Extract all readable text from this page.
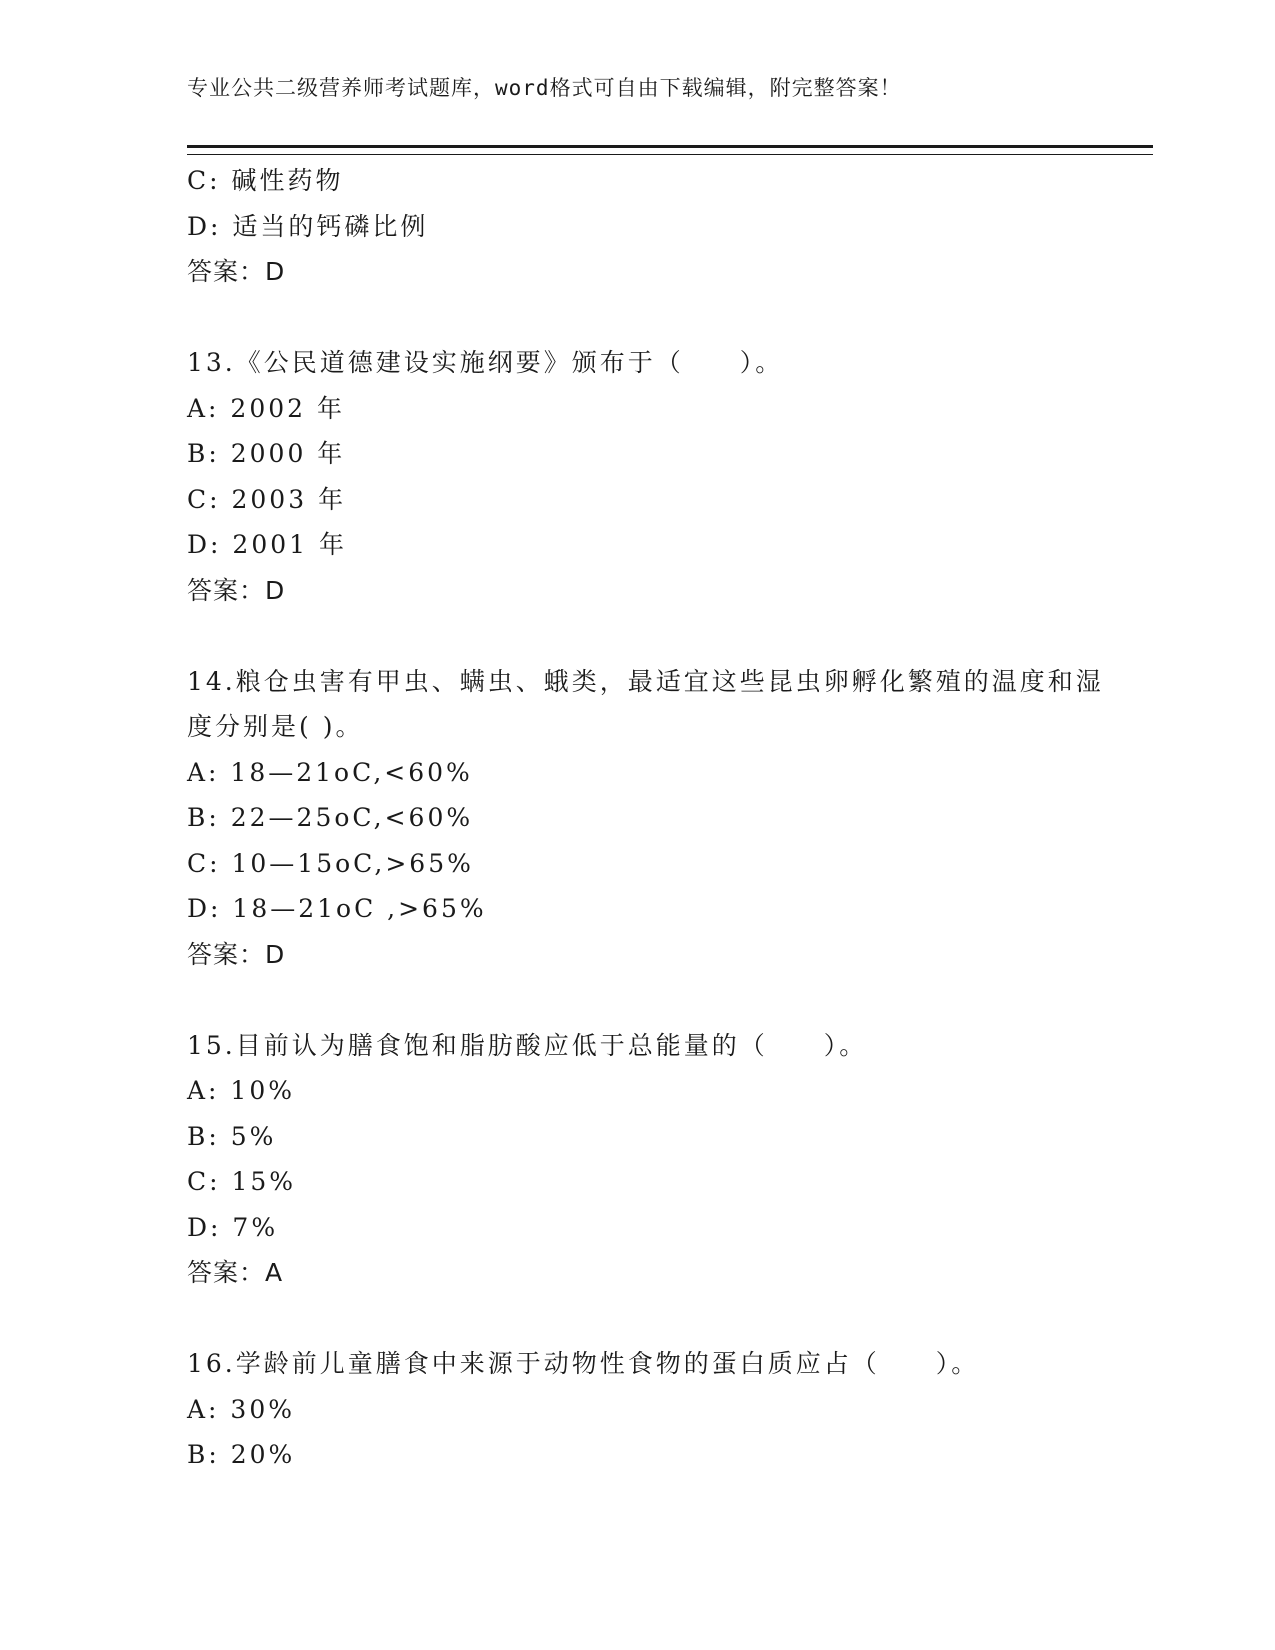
专业公共二级营养师考试题库，word格式可自由下载编辑，附完整答案！
C: 碱性药物
D: 适当的钙磷比例
答案：D
13.《公民道德建设实施纲要》颁布于（　　）。
A: 2002 年
B: 2000 年
C: 2003 年
D: 2001 年
答案：D
14.粮仓虫害有甲虫、螨虫、蛾类，最适宜这些昆虫卵孵化繁殖的温度和湿度分别是( )。
A: 18—21oC,<60%
B: 22—25oC,<60%
C: 10—15oC,>65%
D: 18—21oC ,>65%
答案：D
15.目前认为膳食饱和脂肪酸应低于总能量的（　　）。
A: 10%
B: 5%
C: 15%
D: 7%
答案：A
16.学龄前儿童膳食中来源于动物性食物的蛋白质应占（　　）。
A: 30%
B: 20%
